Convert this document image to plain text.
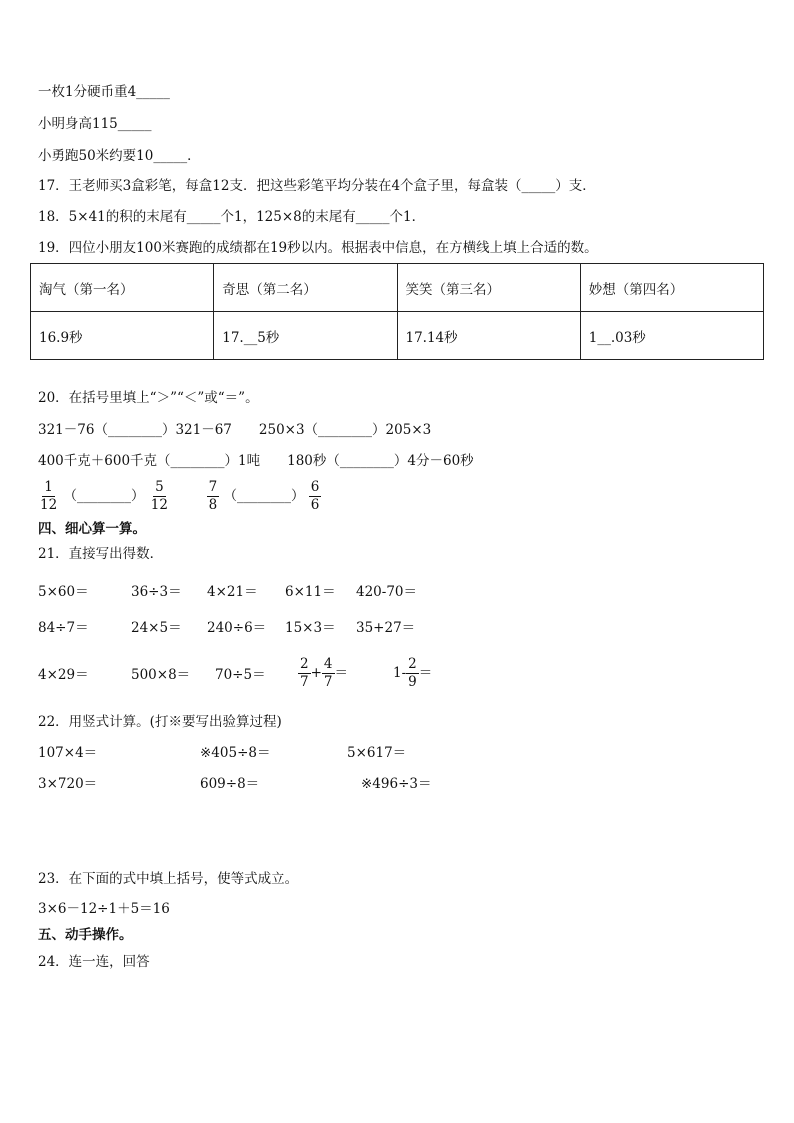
一枚1分硬币重4_____
小明身高115_____
小勇跑50米约要10_____．
17．王老师买3盒彩笔，每盒12支．把这些彩笔平均分装在4个盒子里，每盒装（_____）支．
18．5×41的积的末尾有_____个1，125×8的末尾有_____个1．
19．四位小朋友100米赛跑的成绩都在19秒以内。根据表中信息，在方横线上填上合适的数。
淘气（第一名）	奇思（第二名）	笑笑（第三名）	妙想（第四名）
16.9秒	17.__5秒	17.14秒	1__.03秒
20．在括号里填上“＞”“＜”或“＝”。
321－76（________）321－67　　250×3（________）205×3
400千克＋600千克（________）1吨　　180秒（________）4分－60秒
$\frac{1}{12}$ （________） $\frac{5}{12}$
	$\frac{7}{8}$ （________） $\frac{6}{6}$
四、细心算一算。
21．直接写出得数．
5×60＝	36÷3＝ 4×21＝ 6×11＝ 420-70＝
84÷7＝	24×5＝ 240÷6＝ 15×3＝ 35+27＝
4×29＝	$500\times 8= 70\div 5= \frac{2}{7} + \frac{4}{7}$ ＝	$1- \frac{2}{9}$ ＝
22．用竖式计算。(打※要写出验算过程)
107×4＝	※405÷8＝	5×617＝
3×720＝	609÷8＝	※496÷3＝
23．在下面的式中填上括号，使等式成立。
3×6－12÷1＋5＝16
五、动手操作。
24．连一连，回答
